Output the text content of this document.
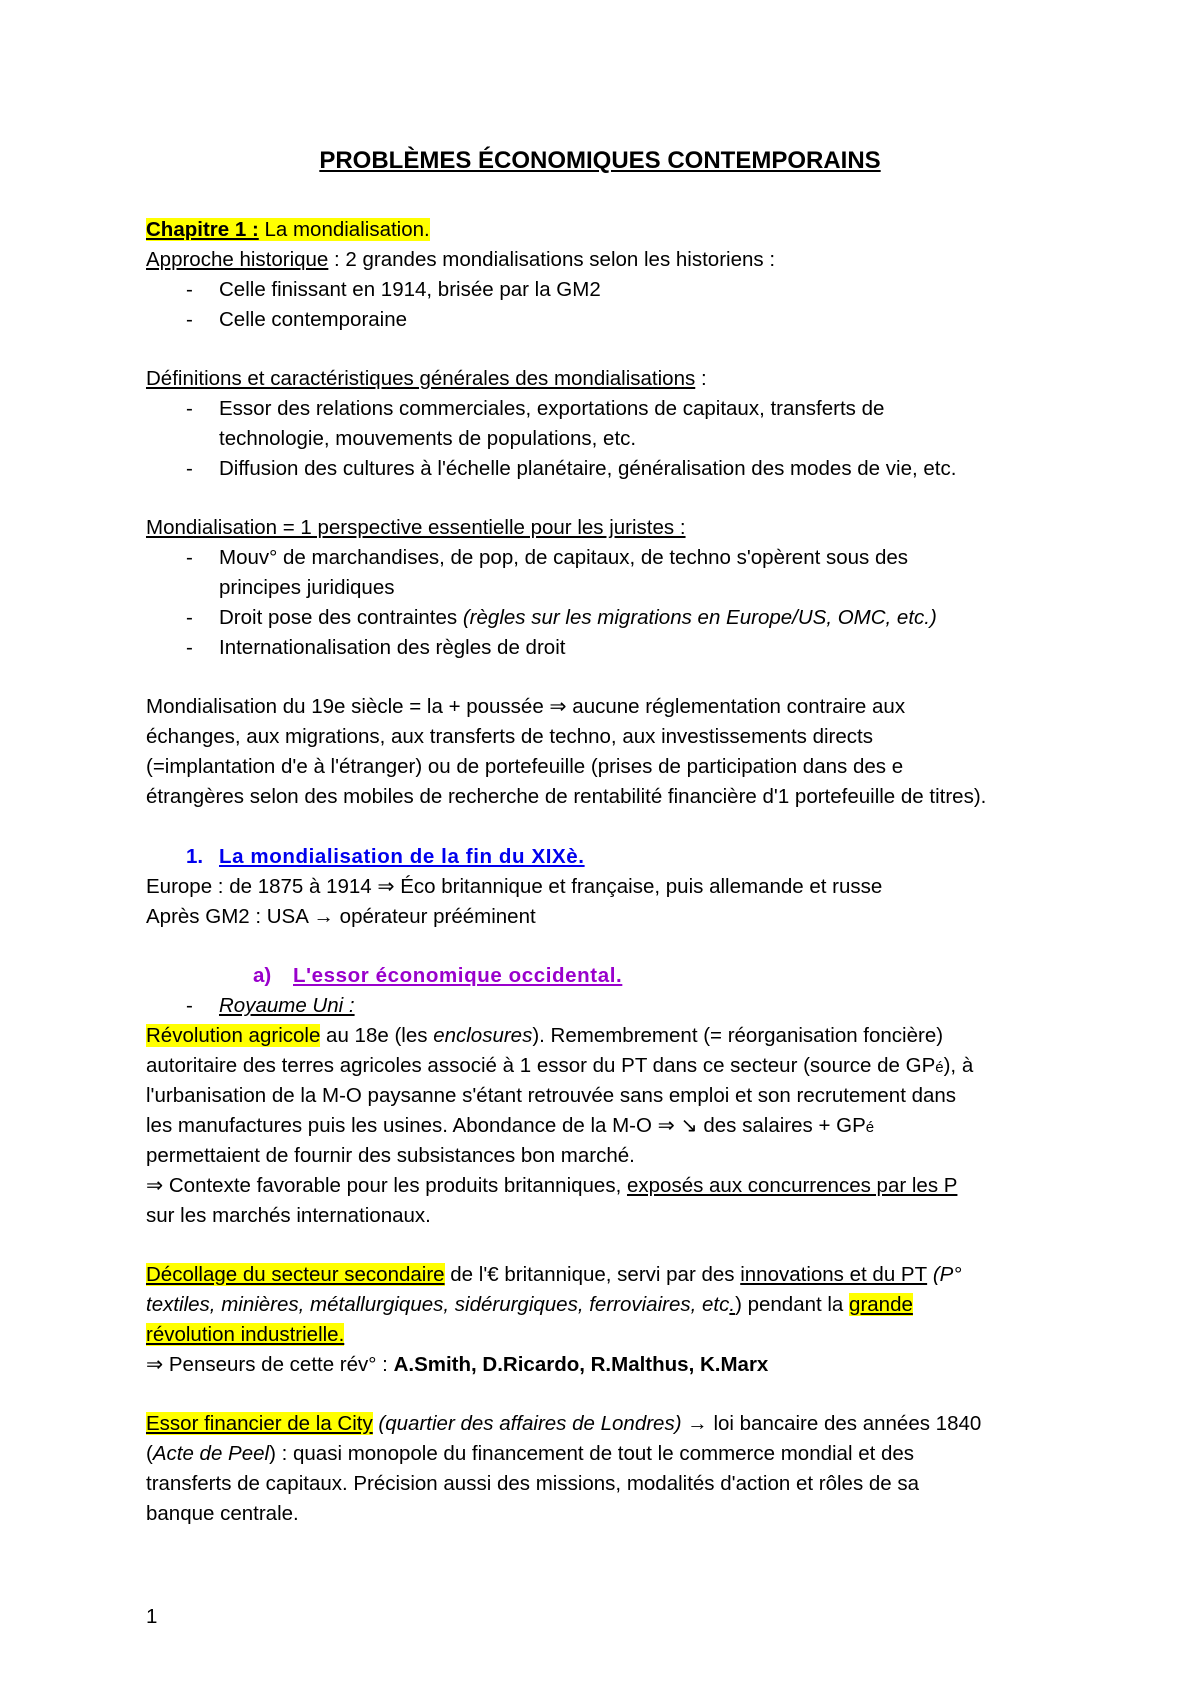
PROBLÈMES ÉCONOMIQUES CONTEMPORAINS
Chapitre 1 : La mondialisation.
Approche historique : 2 grandes mondialisations selon les historiens :
- Celle finissant en 1914, brisée par la GM2
- Celle contemporaine
Définitions et caractéristiques générales des mondialisations :
- Essor des relations commerciales, exportations de capitaux, transferts de
technologie, mouvements de populations, etc.
- Diffusion des cultures à l'échelle planétaire, généralisation des modes de vie, etc.
Mondialisation = 1 perspective essentielle pour les juristes :
- Mouv° de marchandises, de pop, de capitaux, de techno s'opèrent sous des
principes juridiques
- Droit pose des contraintes (règles sur les migrations en Europe/US, OMC, etc.)
- Internationalisation des règles de droit
Mondialisation du 19e siècle = la + poussée ⇒ aucune réglementation contraire aux
échanges, aux migrations, aux transferts de techno, aux investissements directs
(=implantation d'e à l'étranger) ou de portefeuille (prises de participation dans des e
étrangères selon des mobiles de recherche de rentabilité financière d'1 portefeuille de titres).
1. La mondialisation de la fin du XIXè.
Europe : de 1875 à 1914 ⇒ Éco britannique et française, puis allemande et russe
Après GM2 : USA → opérateur prééminent
a) L'essor économique occidental.
- Royaume Uni :
Révolution agricole au 18e (les enclosures). Remembrement (= réorganisation foncière)
autoritaire des terres agricoles associé à 1 essor du PT dans ce secteur (source de GPé), à
l'urbanisation de la M-O paysanne s'étant retrouvée sans emploi et son recrutement dans
les manufactures puis les usines. Abondance de la M-O ⇒ ↘ des salaires + GPé
permettaient de fournir des subsistances bon marché.
⇒ Contexte favorable pour les produits britanniques, exposés aux concurrences par les P
sur les marchés internationaux.
Décollage du secteur secondaire de l'€ britannique, servi par des innovations et du PT (P°
textiles, minières, métallurgiques, sidérurgiques, ferroviaires, etc.) pendant la grande
révolution industrielle.
⇒ Penseurs de cette rév° : A.Smith, D.Ricardo, R.Malthus, K.Marx
Essor financier de la City (quartier des affaires de Londres) → loi bancaire des années 1840
(Acte de Peel) : quasi monopole du financement de tout le commerce mondial et des
transferts de capitaux. Précision aussi des missions, modalités d'action et rôles de sa
banque centrale.
1
